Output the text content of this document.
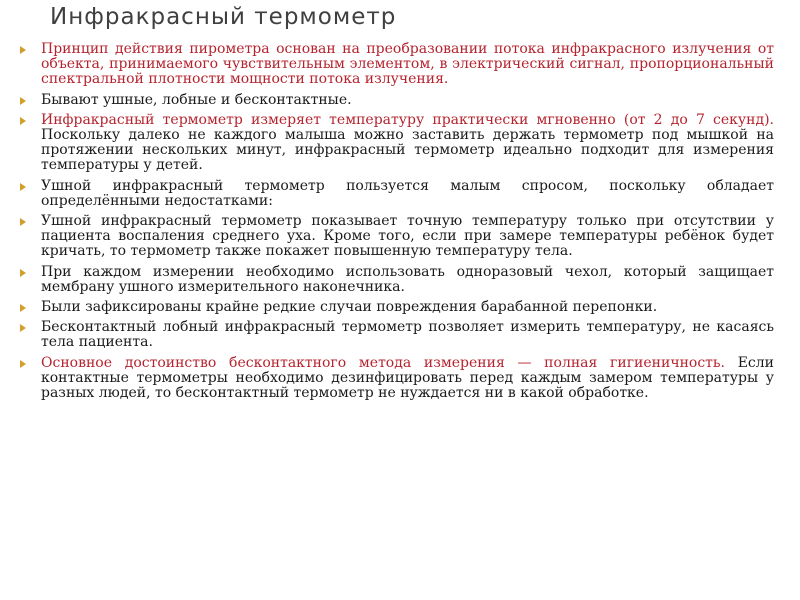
Инфракрасный термометр
Принцип действия пирометра основан на преобразовании потока инфракрасного излучения от объекта, принимаемого чувствительным элементом, в электрический сигнал, пропорциональный спектральной плотности мощности потока излучения.
Бывают ушные, лобные и бесконтактные.
Инфракрасный термометр измеряет температуру практически мгновенно (от 2 до 7 секунд). Поскольку далеко не каждого малыша можно заставить держать термометр под мышкой на протяжении нескольких минут, инфракрасный термометр идеально подходит для измерения температуры у детей.
Ушной инфракрасный термометр пользуется малым спросом, поскольку обладает определёнными недостатками:
Ушной инфракрасный термометр показывает точную температуру только при отсутствии у пациента воспаления среднего уха. Кроме того, если при замере температуры ребёнок будет кричать, то термометр также покажет повышенную температуру тела.
При каждом измерении необходимо использовать одноразовый чехол, который защищает мембрану ушного измерительного наконечника.
Были зафиксированы крайне редкие случаи повреждения барабанной перепонки.
Бесконтактный лобный инфракрасный термометр позволяет измерить температуру, не касаясь тела пациента.
Основное достоинство бесконтактного метода измерения — полная гигиеничность. Если контактные термометры необходимо дезинфицировать перед каждым замером температуры у разных людей, то бесконтактный термометр не нуждается ни в какой обработке.
